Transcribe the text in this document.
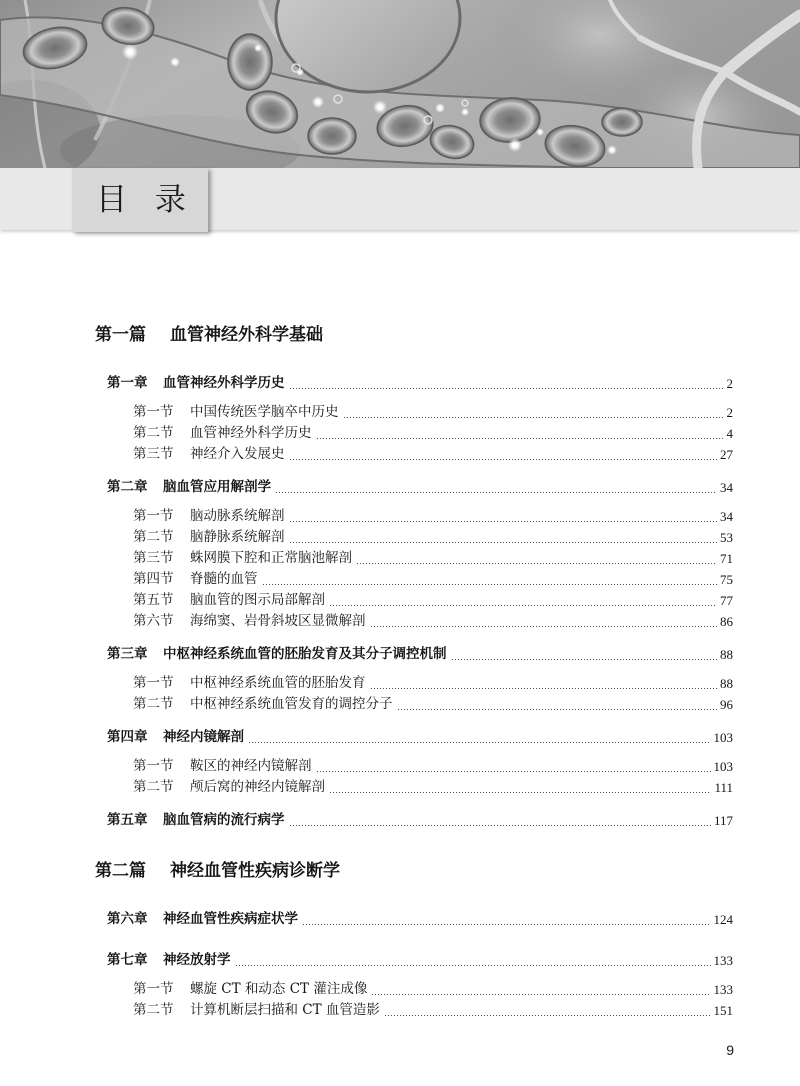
目 录
第一篇	血管神经外科学基础
第一章	血管神经外科学历史	2
第一节	中国传统医学脑卒中历史	2
第二节	血管神经外科学历史	4
第三节	神经介入发展史	27
第二章	脑血管应用解剖学	34
第一节	脑动脉系统解剖	34
第二节	脑静脉系统解剖	53
第三节	蛛网膜下腔和正常脑池解剖	71
第四节	脊髓的血管	75
第五节	脑血管的图示局部解剖	77
第六节	海绵窦、岩骨斜坡区显微解剖	86
第三章	中枢神经系统血管的胚胎发育及其分子调控机制	88
第一节	中枢神经系统血管的胚胎发育	88
第二节	中枢神经系统血管发育的调控分子	96
第四章	神经内镜解剖	103
第一节	鞍区的神经内镜解剖	103
第二节	颅后窝的神经内镜解剖	111
第五章	脑血管病的流行病学	117
第二篇	神经血管性疾病诊断学
第六章	神经血管性疾病症状学	124
第七章	神经放射学	133
第一节	螺旋 CT 和动态 CT 灌注成像	133
第二节	计算机断层扫描和 CT 血管造影	151
9
